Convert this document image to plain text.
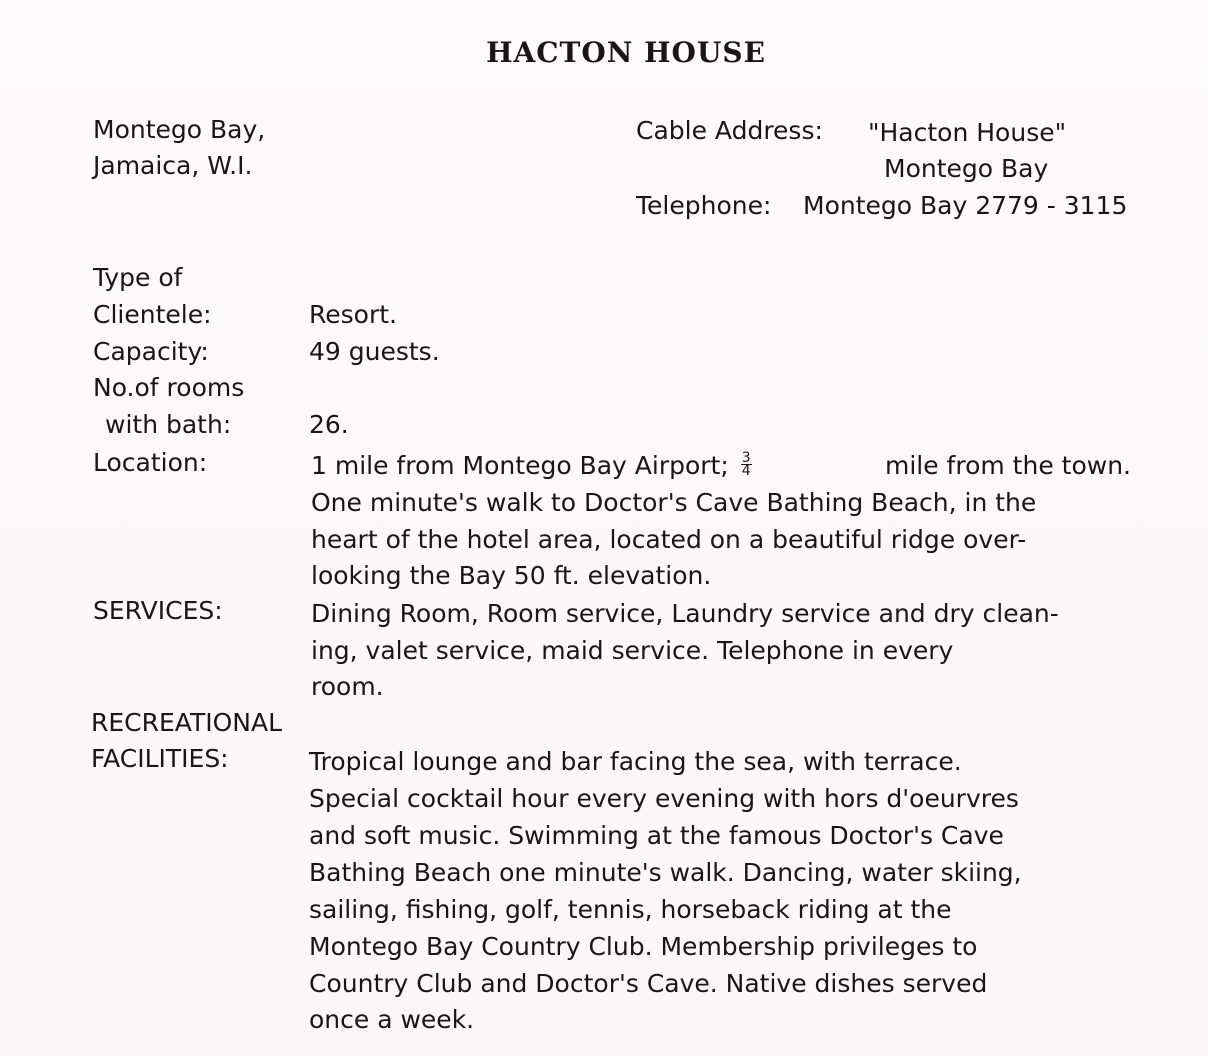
HACTON HOUSE
Montego Bay,
Jamaica, W.I.
Cable Address: "Hacton House"
Montego Bay
Telephone: Montego Bay 2779 - 3115
Type of
Clientele:	Resort.
Capacity:	49 guests.
No.of rooms
with bath:	26.
Location:	1 mile from Montego Bay Airport; $\frac{3}{4}$	mile from the town.
One minute's walk to Doctor's Cave Bathing Beach, in the
heart of the hotel area, located on a beautiful ridge over-
looking the Bay 50 ft. elevation.
SERVICES:	Dining Room, Room service, Laundry service and dry clean-
ing, valet service, maid service. Telephone in every
room.
RECREATIONAL
FACILITIES:	Tropical lounge and bar facing the sea, with terrace.
Special cocktail hour every evening with hors d'oeurvres
and soft music. Swimming at the famous Doctor's Cave
Bathing Beach one minute's walk. Dancing, water skiing,
sailing, fishing, golf, tennis, horseback riding at the
Montego Bay Country Club. Membership privileges to
Country Club and Doctor's Cave. Native dishes served
once a week.
